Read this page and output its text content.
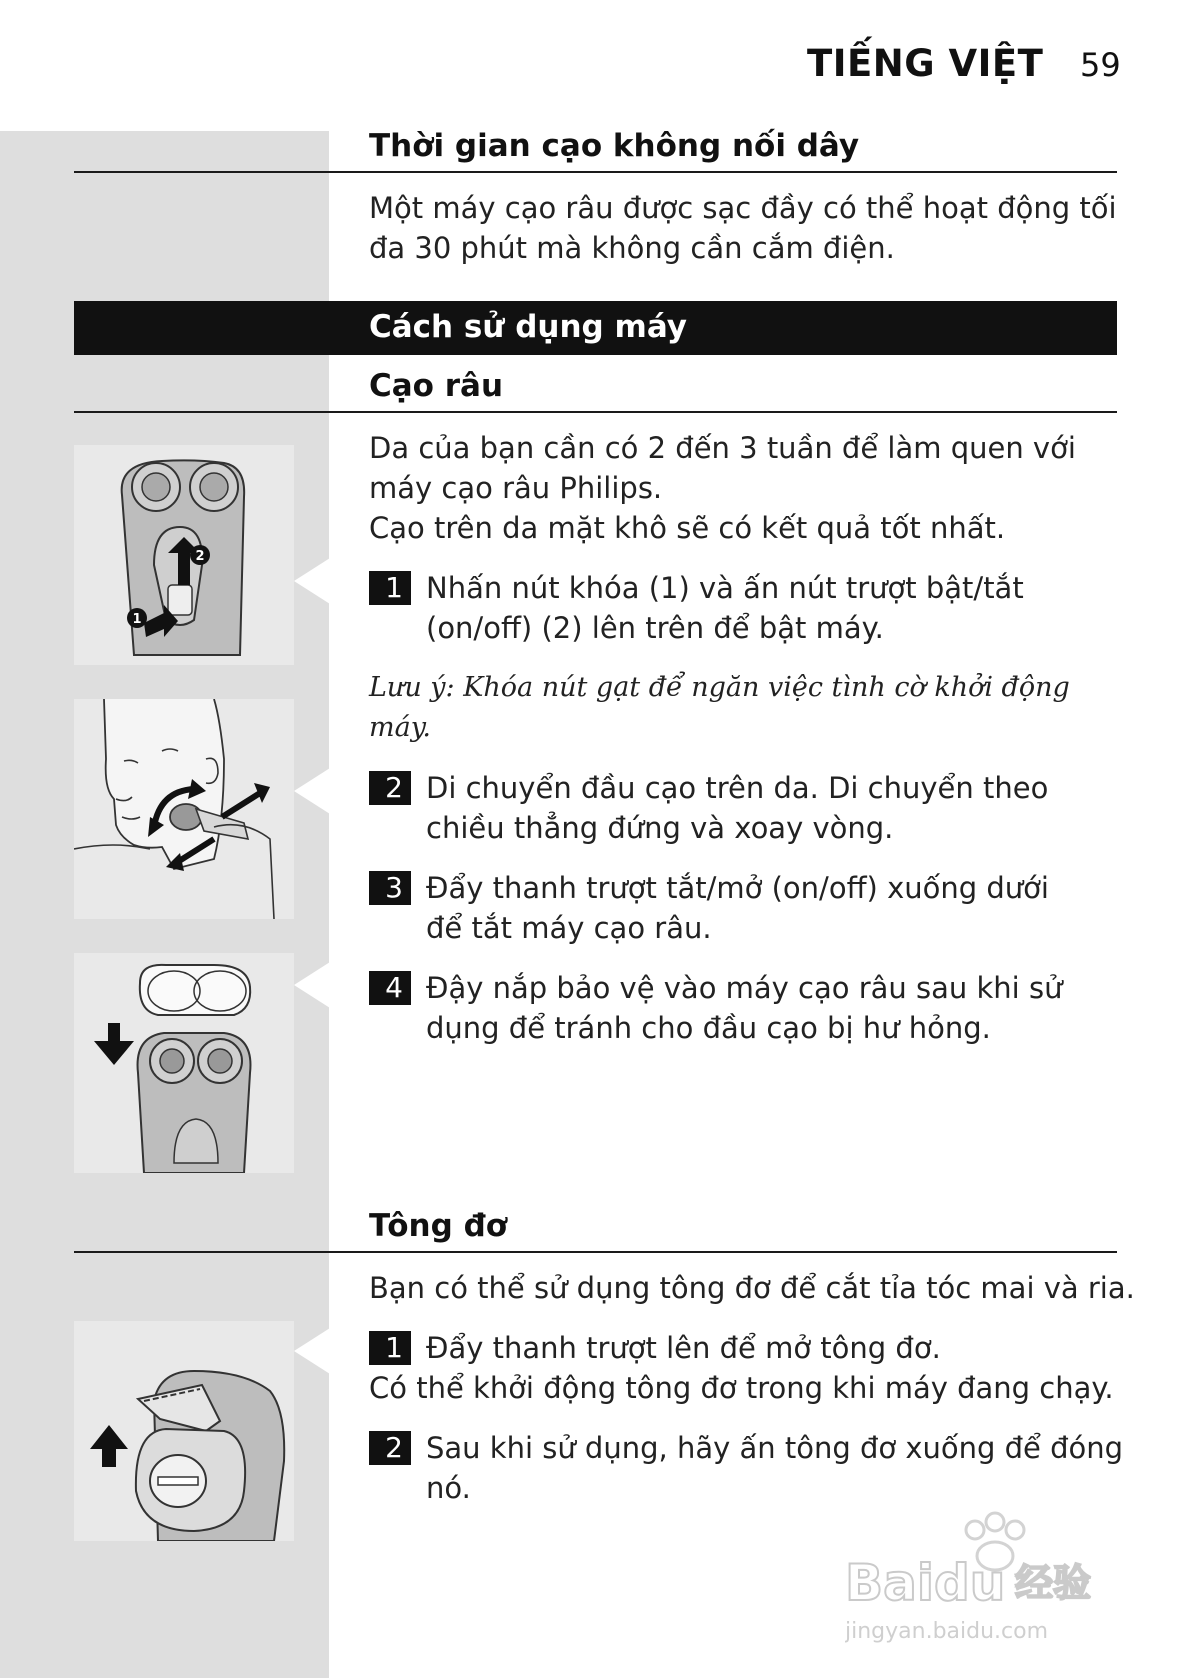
TIẾNG VIỆT 59
Thời gian cạo không nối dây
Một máy cạo râu được sạc đầy có thể hoạt động tối
đa 30 phút mà không cần cắm điện.
Cách sử dụng máy
Cạo râu
Da của bạn cần có 2 đến 3 tuần để làm quen với
máy cạo râu Philips.
Cạo trên da mặt khô sẽ có kết quả tốt nhất.
1 Nhấn nút khóa (1) và ấn nút trượt bật/tắt
(on/off) (2) lên trên để bật máy.
Lưu ý: Khóa nút gạt để ngăn việc tình cờ khởi động
máy.
2 Di chuyển đầu cạo trên da. Di chuyển theo
chiều thẳng đứng và xoay vòng.
3 Đẩy thanh trượt tắt/mở (on/off) xuống dưới
để tắt máy cạo râu.
4 Đậy nắp bảo vệ vào máy cạo râu sau khi sử
dụng để tránh cho đầu cạo bị hư hỏng.
Tông đơ
Bạn có thể sử dụng tông đơ để cắt tỉa tóc mai và ria.
1 Đẩy thanh trượt lên để mở tông đơ.
Có thể khởi động tông đơ trong khi máy đang chạy.
2 Sau khi sử dụng, hãy ấn tông đơ xuống để đóng
nó.
2
1
Baidu 经验
jingyan.baidu.com
